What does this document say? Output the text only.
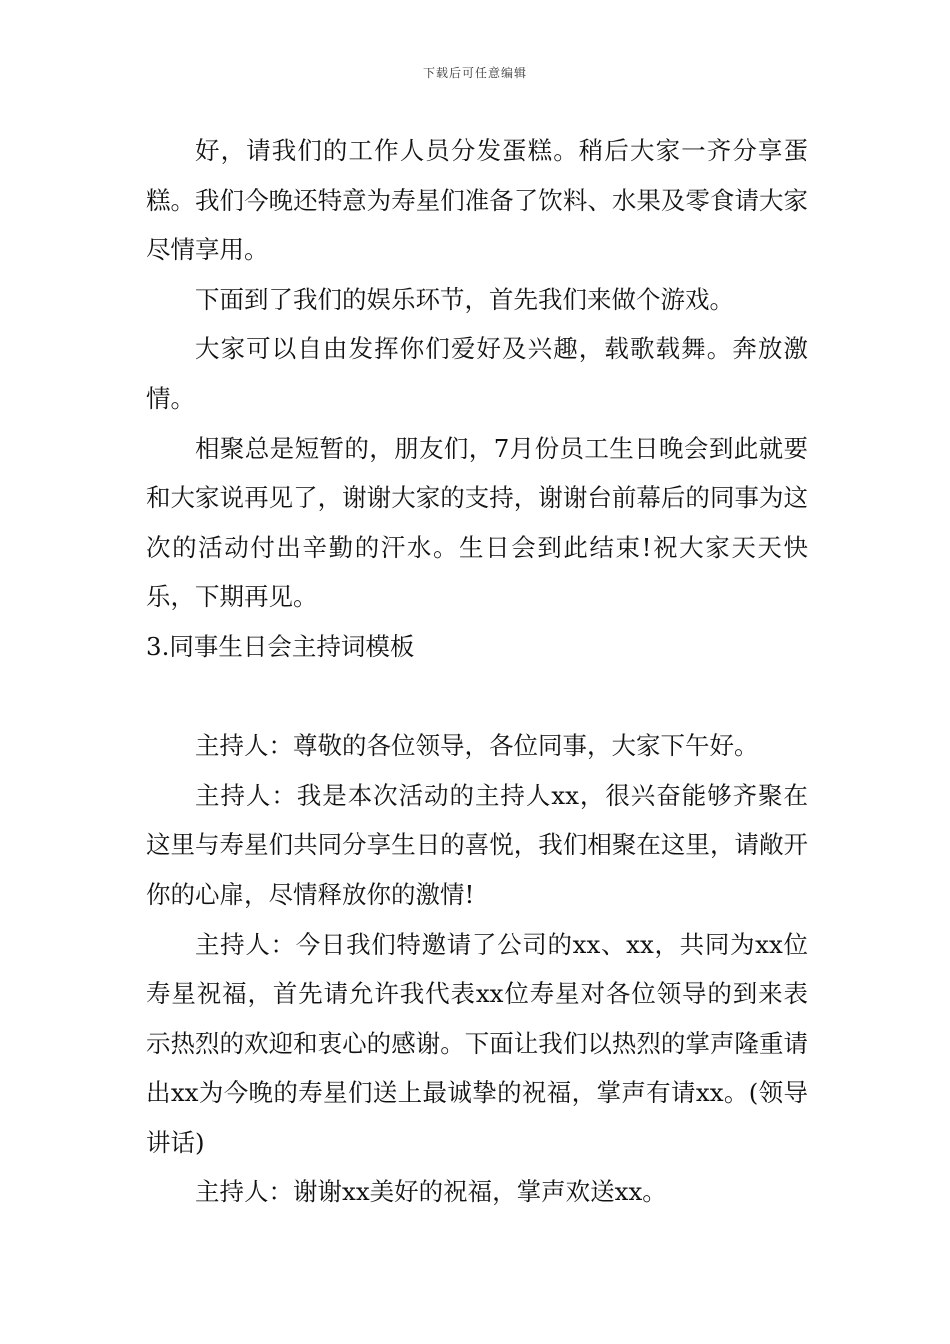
下载后可任意编辑

好，请我们的工作人员分发蛋糕。稍后大家一齐分享蛋糕。我们今晚还特意为寿星们准备了饮料、水果及零食请大家尽情享用。

下面到了我们的娱乐环节，首先我们来做个游戏。

大家可以自由发挥你们爱好及兴趣，载歌载舞。奔放激情。

相聚总是短暂的，朋友们，7月份员工生日晚会到此就要和大家说再见了，谢谢大家的支持，谢谢台前幕后的同事为这次的活动付出辛勤的汗水。生日会到此结束!祝大家天天快乐，下期再见。

3.同事生日会主持词模板

主持人：尊敬的各位领导，各位同事，大家下午好。

主持人：我是本次活动的主持人xx，很兴奋能够齐聚在这里与寿星们共同分享生日的喜悦，我们相聚在这里，请敞开你的心扉，尽情释放你的激情!

主持人：今日我们特邀请了公司的xx、xx，共同为xx位寿星祝福，首先请允许我代表xx位寿星对各位领导的到来表示热烈的欢迎和衷心的感谢。下面让我们以热烈的掌声隆重请出xx为今晚的寿星们送上最诚挚的祝福，掌声有请xx。(领导讲话)

主持人：谢谢xx美好的祝福，掌声欢送xx。
